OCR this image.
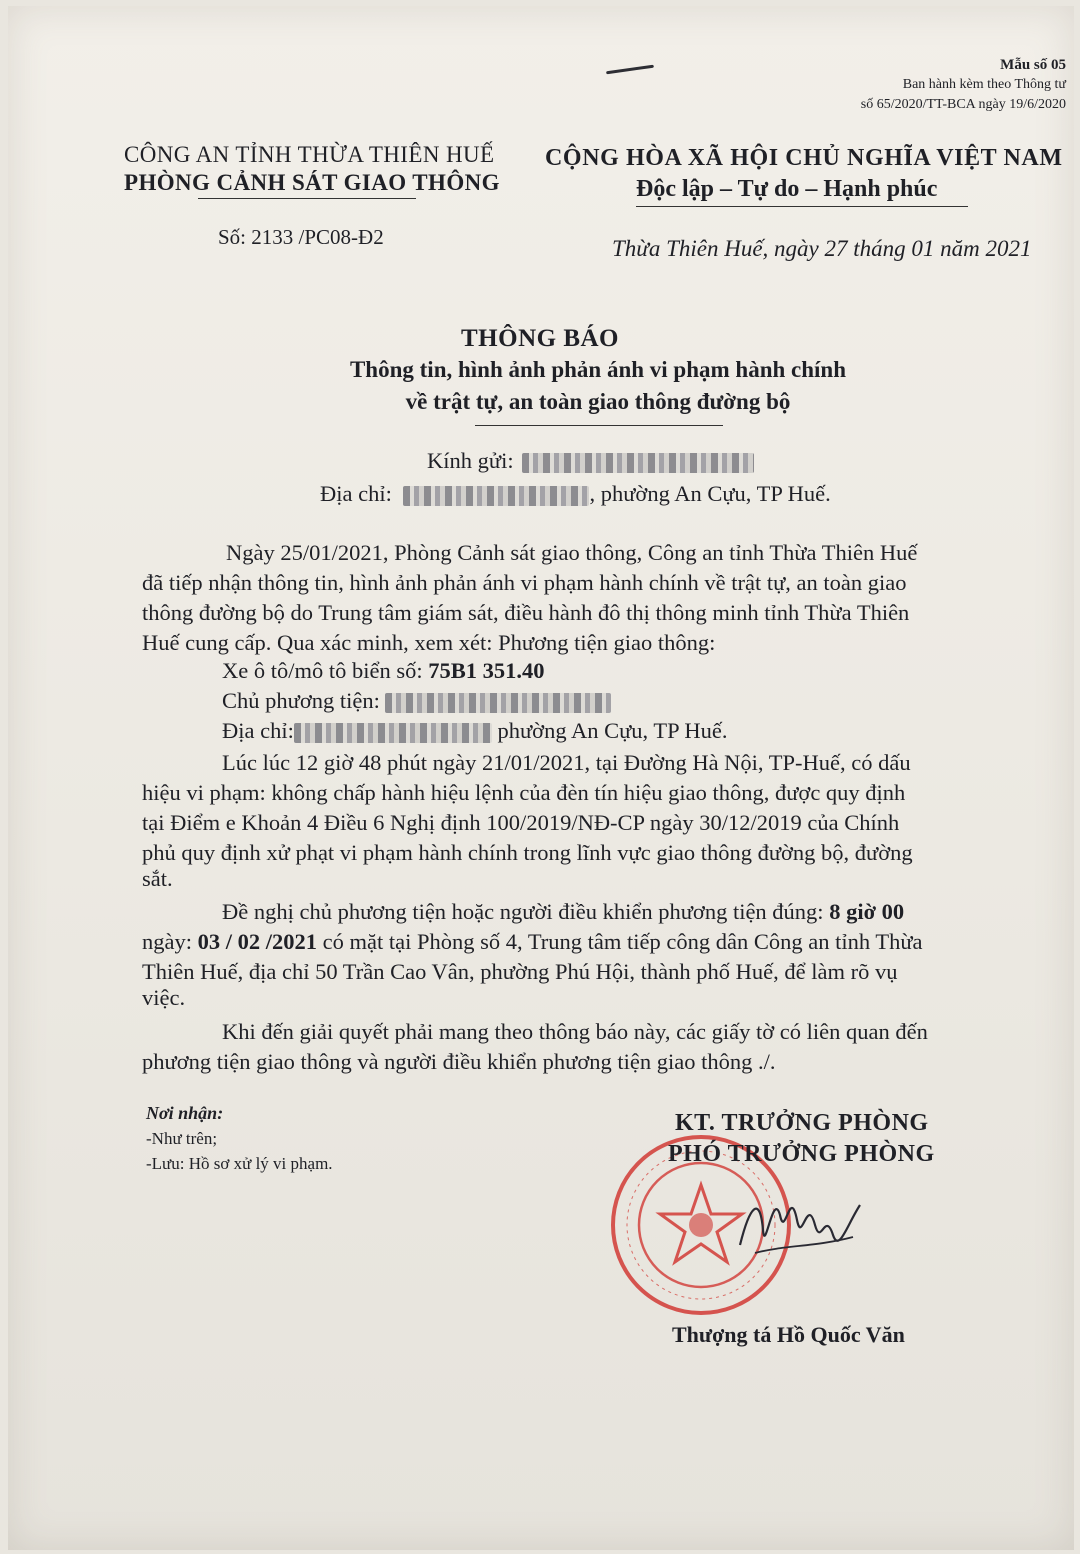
Mẫu số 05
Ban hành kèm theo Thông tư
số 65/2020/TT-BCA ngày 19/6/2020
CÔNG AN TỈNH THỪA THIÊN HUẾ
PHÒNG CẢNH SÁT GIAO THÔNG
Số: 2133 /PC08-Đ2
CỘNG HÒA XÃ HỘI CHỦ NGHĨA VIỆT NAM
Độc lập – Tự do – Hạnh phúc
Thừa Thiên Huế, ngày 27 tháng 01 năm 2021
THÔNG BÁO
Thông tin, hình ảnh phản ánh vi phạm hành chính
về trật tự, an toàn giao thông đường bộ
Kính gửi:
Địa chỉ:	, phường An Cựu, TP Huế.
Ngày 25/01/2021, Phòng Cảnh sát giao thông, Công an tỉnh Thừa Thiên Huế
đã tiếp nhận thông tin, hình ảnh phản ánh vi phạm hành chính về trật tự, an toàn giao
thông đường bộ do Trung tâm giám sát, điều hành đô thị thông minh tỉnh Thừa Thiên
Huế cung cấp. Qua xác minh, xem xét: Phương tiện giao thông:
Xe ô tô/mô tô biển số: 75B1 351.40
Chủ phương tiện:
Địa chỉ:	phường An Cựu, TP Huế.
Lúc lúc 12 giờ 48 phút ngày 21/01/2021, tại Đường Hà Nội, TP-Huế, có dấu
hiệu vi phạm: không chấp hành hiệu lệnh của đèn tín hiệu giao thông, được quy định
tại Điểm e Khoản 4 Điều 6 Nghị định 100/2019/NĐ-CP ngày 30/12/2019 của Chính
phủ quy định xử phạt vi phạm hành chính trong lĩnh vực giao thông đường bộ, đường
sắt.
Đề nghị chủ phương tiện hoặc người điều khiển phương tiện đúng: 8 giờ 00
ngày: 03 / 02 /2021 có mặt tại Phòng số 4, Trung tâm tiếp công dân Công an tỉnh Thừa
Thiên Huế, địa chỉ 50 Trần Cao Vân, phường Phú Hội, thành phố Huế, để làm rõ vụ
việc.
Khi đến giải quyết phải mang theo thông báo này, các giấy tờ có liên quan đến
phương tiện giao thông và người điều khiển phương tiện giao thông ./.
Nơi nhận:
-Như trên;
-Lưu: Hồ sơ xử lý vi phạm.
KT. TRƯỞNG PHÒNG
PHÓ TRƯỞNG PHÒNG
Thượng tá Hồ Quốc Văn
